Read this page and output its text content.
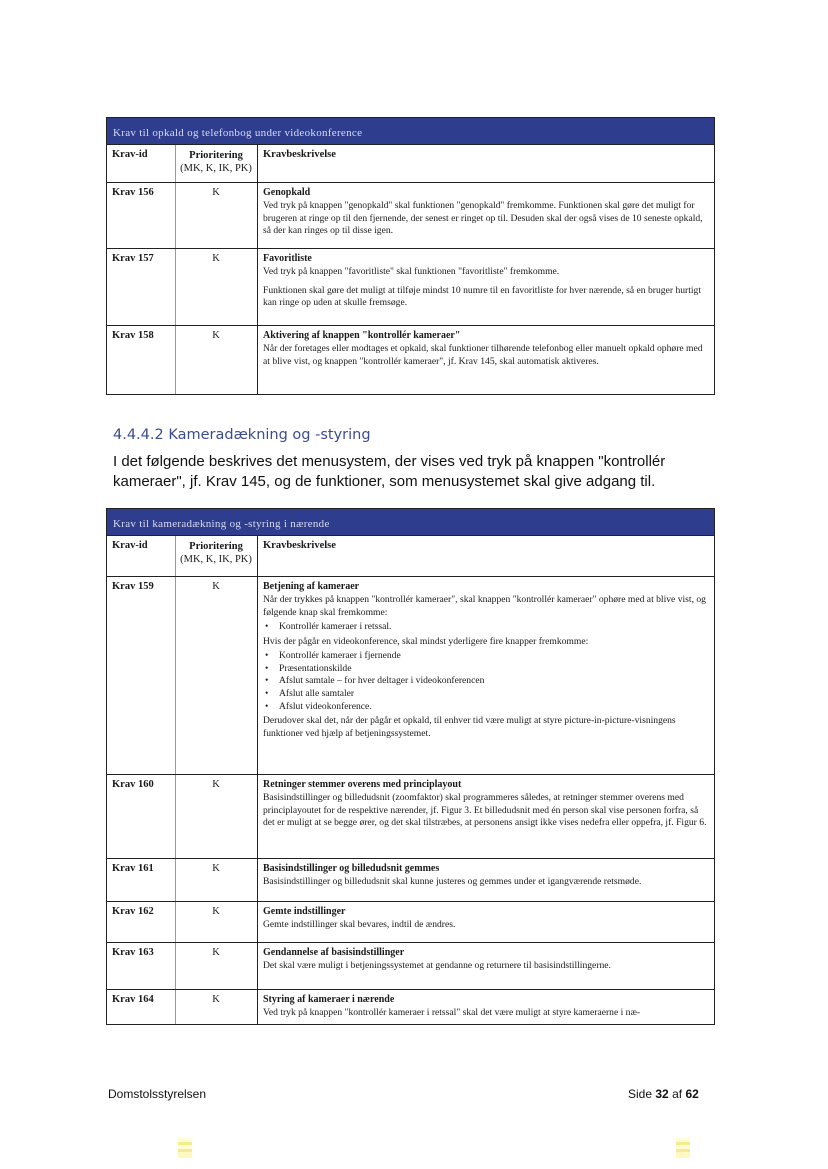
Krav til opkald og telefonbog under videokonference
Krav-id	Prioritering
(MK, K, IK, PK)
Kravbeskrivelse
Krav 156	K	Genopkald

Ved tryk på knappen "genopkald" skal funktionen "genopkald" fremkomme. Funktionen skal gøre det muligt for brugeren at ringe op til den fjernende, der senest er ringet op til. Desuden skal der også vises de 10 seneste opkald, så der kan ringes op til disse igen.

Krav 157	K	Favoritliste

Ved tryk på knappen "favoritliste" skal funktionen "favoritliste" fremkomme.

Funktionen skal gøre det muligt at tilføje mindst 10 numre til en favoritliste for hver nærende, så en bruger hurtigt kan ringe op uden at skulle fremsøge.

Krav 158	K	Aktivering af knappen "kontrollér kameraer"

Når der foretages eller modtages et opkald, skal funktioner tilhørende telefonbog eller manuelt opkald ophøre med at blive vist, og knappen "kontrollér kameraer", jf. Krav 145, skal automatisk aktiveres.

4.4.4.2 Kameradækning og -styring
I det følgende beskrives det menusystem, der vises ved tryk på knappen "kontrollér kameraer", jf. Krav 145, og de funktioner, som menusystemet skal give adgang til.
Krav til kameradækning og -styring i nærende
Krav-id	Prioritering
(MK, K, IK, PK)
Kravbeskrivelse
Krav 159	K	Betjening af kameraer

Når der trykkes på knappen "kontrollér kameraer", skal knappen "kontrollér kameraer" ophøre med at blive vist, og følgende knap skal fremkomme:

• Kontrollér kameraer i retssal.

Hvis der pågår en videokonference, skal mindst yderligere fire knapper fremkomme:

• Kontrollér kameraer i fjernende
• Præsentationskilde
• Afslut samtale – for hver deltager i videokonferencen
• Afslut alle samtaler
• Afslut videokonference.

Derudover skal det, når der pågår et opkald, til enhver tid være muligt at styre picture-in-picture-visningens funktioner ved hjælp af betjeningssystemet.

Krav 160	K	Retninger stemmer overens med principlayout

Basisindstillinger og billedudsnit (zoomfaktor) skal programmeres således, at retninger stemmer overens med principlayoutet for de respektive nærender, jf. Figur 3. Et billedudsnit med én person skal vise personen forfra, så det er muligt at se begge ører, og det skal tilstræbes, at personens ansigt ikke vises nedefra eller oppefra, jf. Figur 6.

Krav 161	K	Basisindstillinger og billedudsnit gemmes

Basisindstillinger og billedudsnit skal kunne justeres og gemmes under et igangværende retsmøde.

Krav 162	K	Gemte indstillinger

Gemte indstillinger skal bevares, indtil de ændres.

Krav 163	K	Gendannelse af basisindstillinger

Det skal være muligt i betjeningssystemet at gendanne og returnere til basisindstillingerne.

Krav 164	K	Styring af kameraer i nærende

Ved tryk på knappen "kontrollér kameraer i retssal" skal det være muligt at styre kameraerne i næ-

Domstolsstyrelsen	Side 32 af 62
